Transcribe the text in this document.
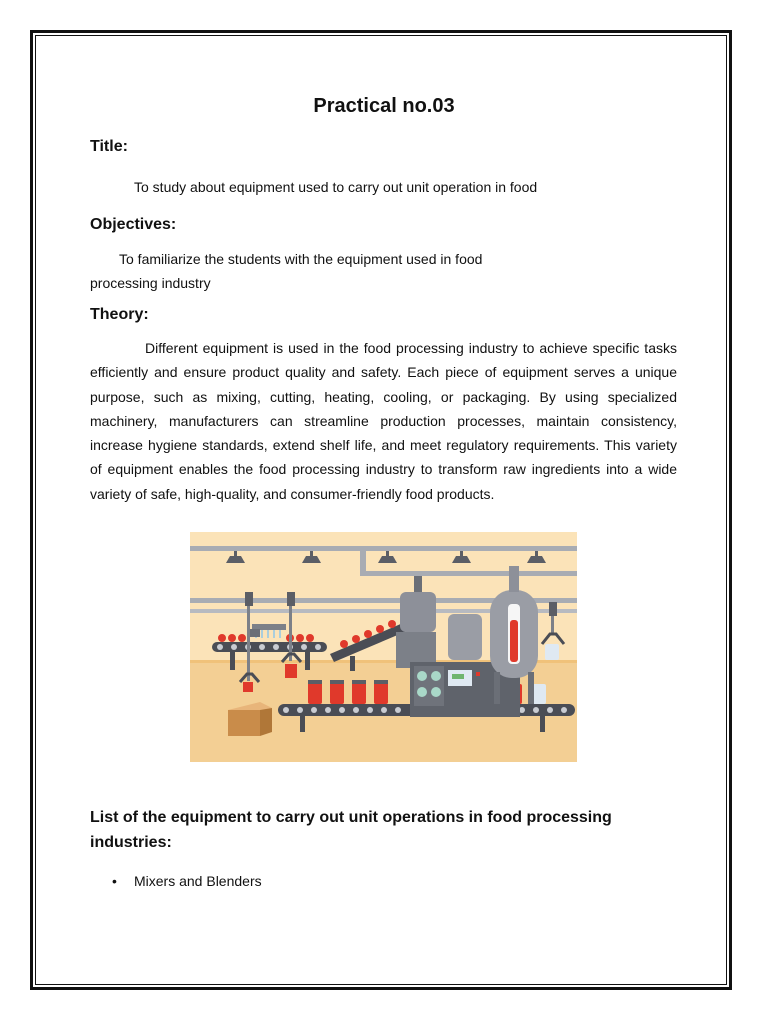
Practical no.03
Title:
To study about equipment used to carry out unit operation in food
Objectives:
To familiarize the students with the equipment used in food
processing industry
Theory:
Different equipment is used in the food processing industry to achieve specific tasks efficiently and ensure product quality and safety. Each piece of equipment serves a unique purpose, such as mixing, cutting, heating, cooling, or packaging. By using specialized machinery, manufacturers can streamline production processes, maintain consistency, increase hygiene standards, extend shelf life, and meet regulatory requirements. This variety of equipment enables the food processing industry to transform raw ingredients into a wide variety of safe, high-quality, and consumer-friendly food products.
List of the equipment to carry out unit operations in food processing industries:
• Mixers and Blenders
